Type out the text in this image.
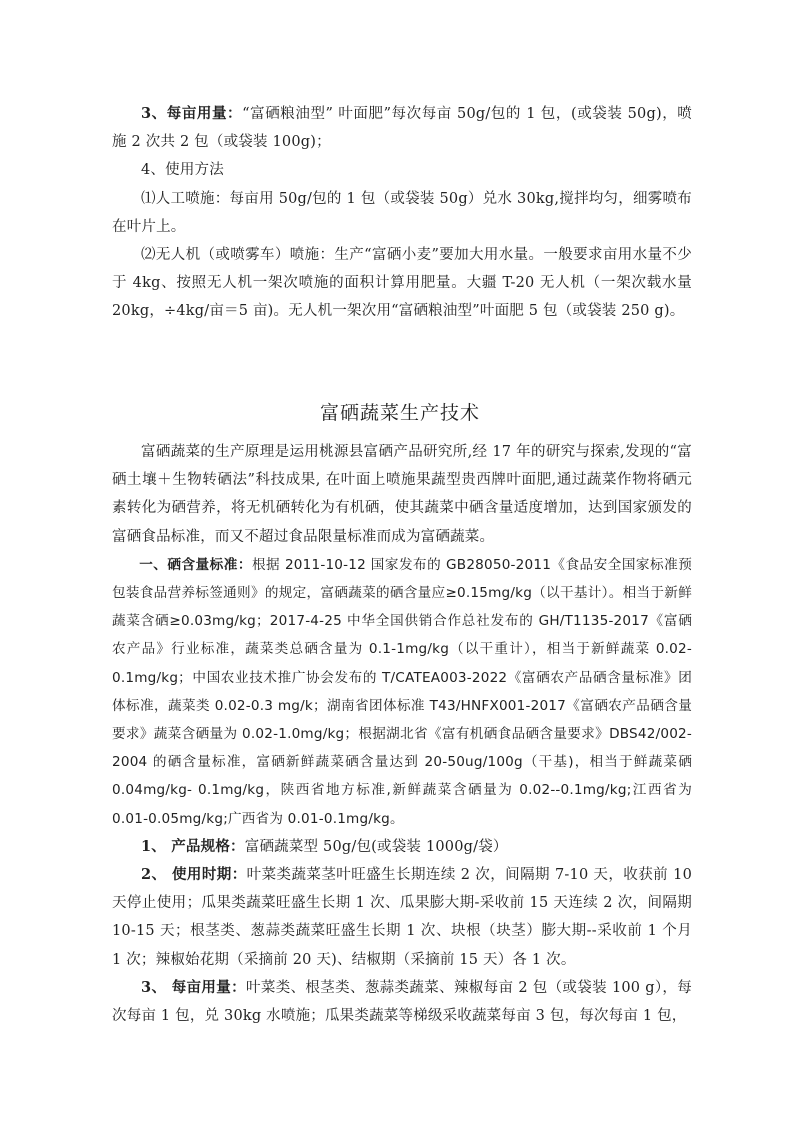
3、每亩用量：“富硒粮油型” 叶面肥”每次每亩 50g/包的 1 包，(或袋装 50g)，喷施 2 次共 2 包（或袋装 100g)；

4、使用方法

⑴人工喷施：每亩用 50g/包的 1 包（或袋装 50g）兑水 30kg,搅拌均匀，细雾喷布在叶片上。

⑵无人机（或喷雾车）喷施：生产“富硒小麦”要加大用水量。一般要求亩用水量不少于 4kg、按照无人机一架次喷施的面积计算用肥量。大疆 T-20 无人机（一架次载水量 20kg，÷4kg/亩＝5 亩)。无人机一架次用“富硒粮油型”叶面肥 5 包（或袋装 250 g)。

富硒蔬菜生产技术

富硒蔬菜的生产原理是运用桃源县富硒产品研究所,经 17 年的研究与探索,发现的“富硒土壤＋生物转硒法”科技成果, 在叶面上喷施果蔬型贵西牌叶面肥,通过蔬菜作物将硒元素转化为硒营养，将无机硒转化为有机硒，使其蔬菜中硒含量适度增加，达到国家颁发的富硒食品标准，而又不超过食品限量标准而成为富硒蔬菜。

一、硒含量标准：根据 2011-10-12 国家发布的 GB28050-2011《食品安全国家标准预包装食品营养标签通则》的规定，富硒蔬菜的硒含量应≥0.15mg/kg（以干基计）。相当于新鲜蔬菜含硒≥0.03mg/kg；2017-4-25 中华全国供销合作总社发布的 GH/T1135-2017《富硒农产品》行业标准，蔬菜类总硒含量为 0.1-1mg/kg（以干重计），相当于新鲜蔬菜 0.02-0.1mg/kg；中国农业技术推广协会发布的 T/CATEA003-2022《富硒农产品硒含量标准》团体标准，蔬菜类 0.02-0.3 mg/k；湖南省团体标准 T43/HNFX001-2017《富硒农产品硒含量要求》蔬菜含硒量为 0.02-1.0mg/kg；根据湖北省《富有机硒食品硒含量要求》DBS42/002-2004 的硒含量标准，富硒新鲜蔬菜硒含量达到 20-50ug/100g（干基)，相当于鲜蔬菜硒 0.04mg/kg- 0.1mg/kg，陕西省地方标准,新鲜蔬菜含硒量为 0.02--0.1mg/kg;江西省为 0.01-0.05mg/kg;广西省为 0.01-0.1mg/kg。

1、 产品规格：富硒蔬菜型 50g/包(或袋装 1000g/袋）

2、 使用时期：叶菜类蔬菜茎叶旺盛生长期连续 2 次，间隔期 7-10 天，收获前 10 天停止使用；瓜果类蔬菜旺盛生长期 1 次、瓜果膨大期-采收前 15 天连续 2 次，间隔期 10-15 天；根茎类、葱蒜类蔬菜旺盛生长期 1 次、块根（块茎）膨大期--采收前 1 个月 1 次；辣椒始花期（采摘前 20 天)、结椒期（采摘前 15 天）各 1 次。

3、 每亩用量：叶菜类、根茎类、葱蒜类蔬菜、辣椒每亩 2 包（或袋装 100 g），每次每亩 1 包，兑 30kg 水喷施；瓜果类蔬菜等梯级采收蔬菜每亩 3 包，每次每亩 1 包，
